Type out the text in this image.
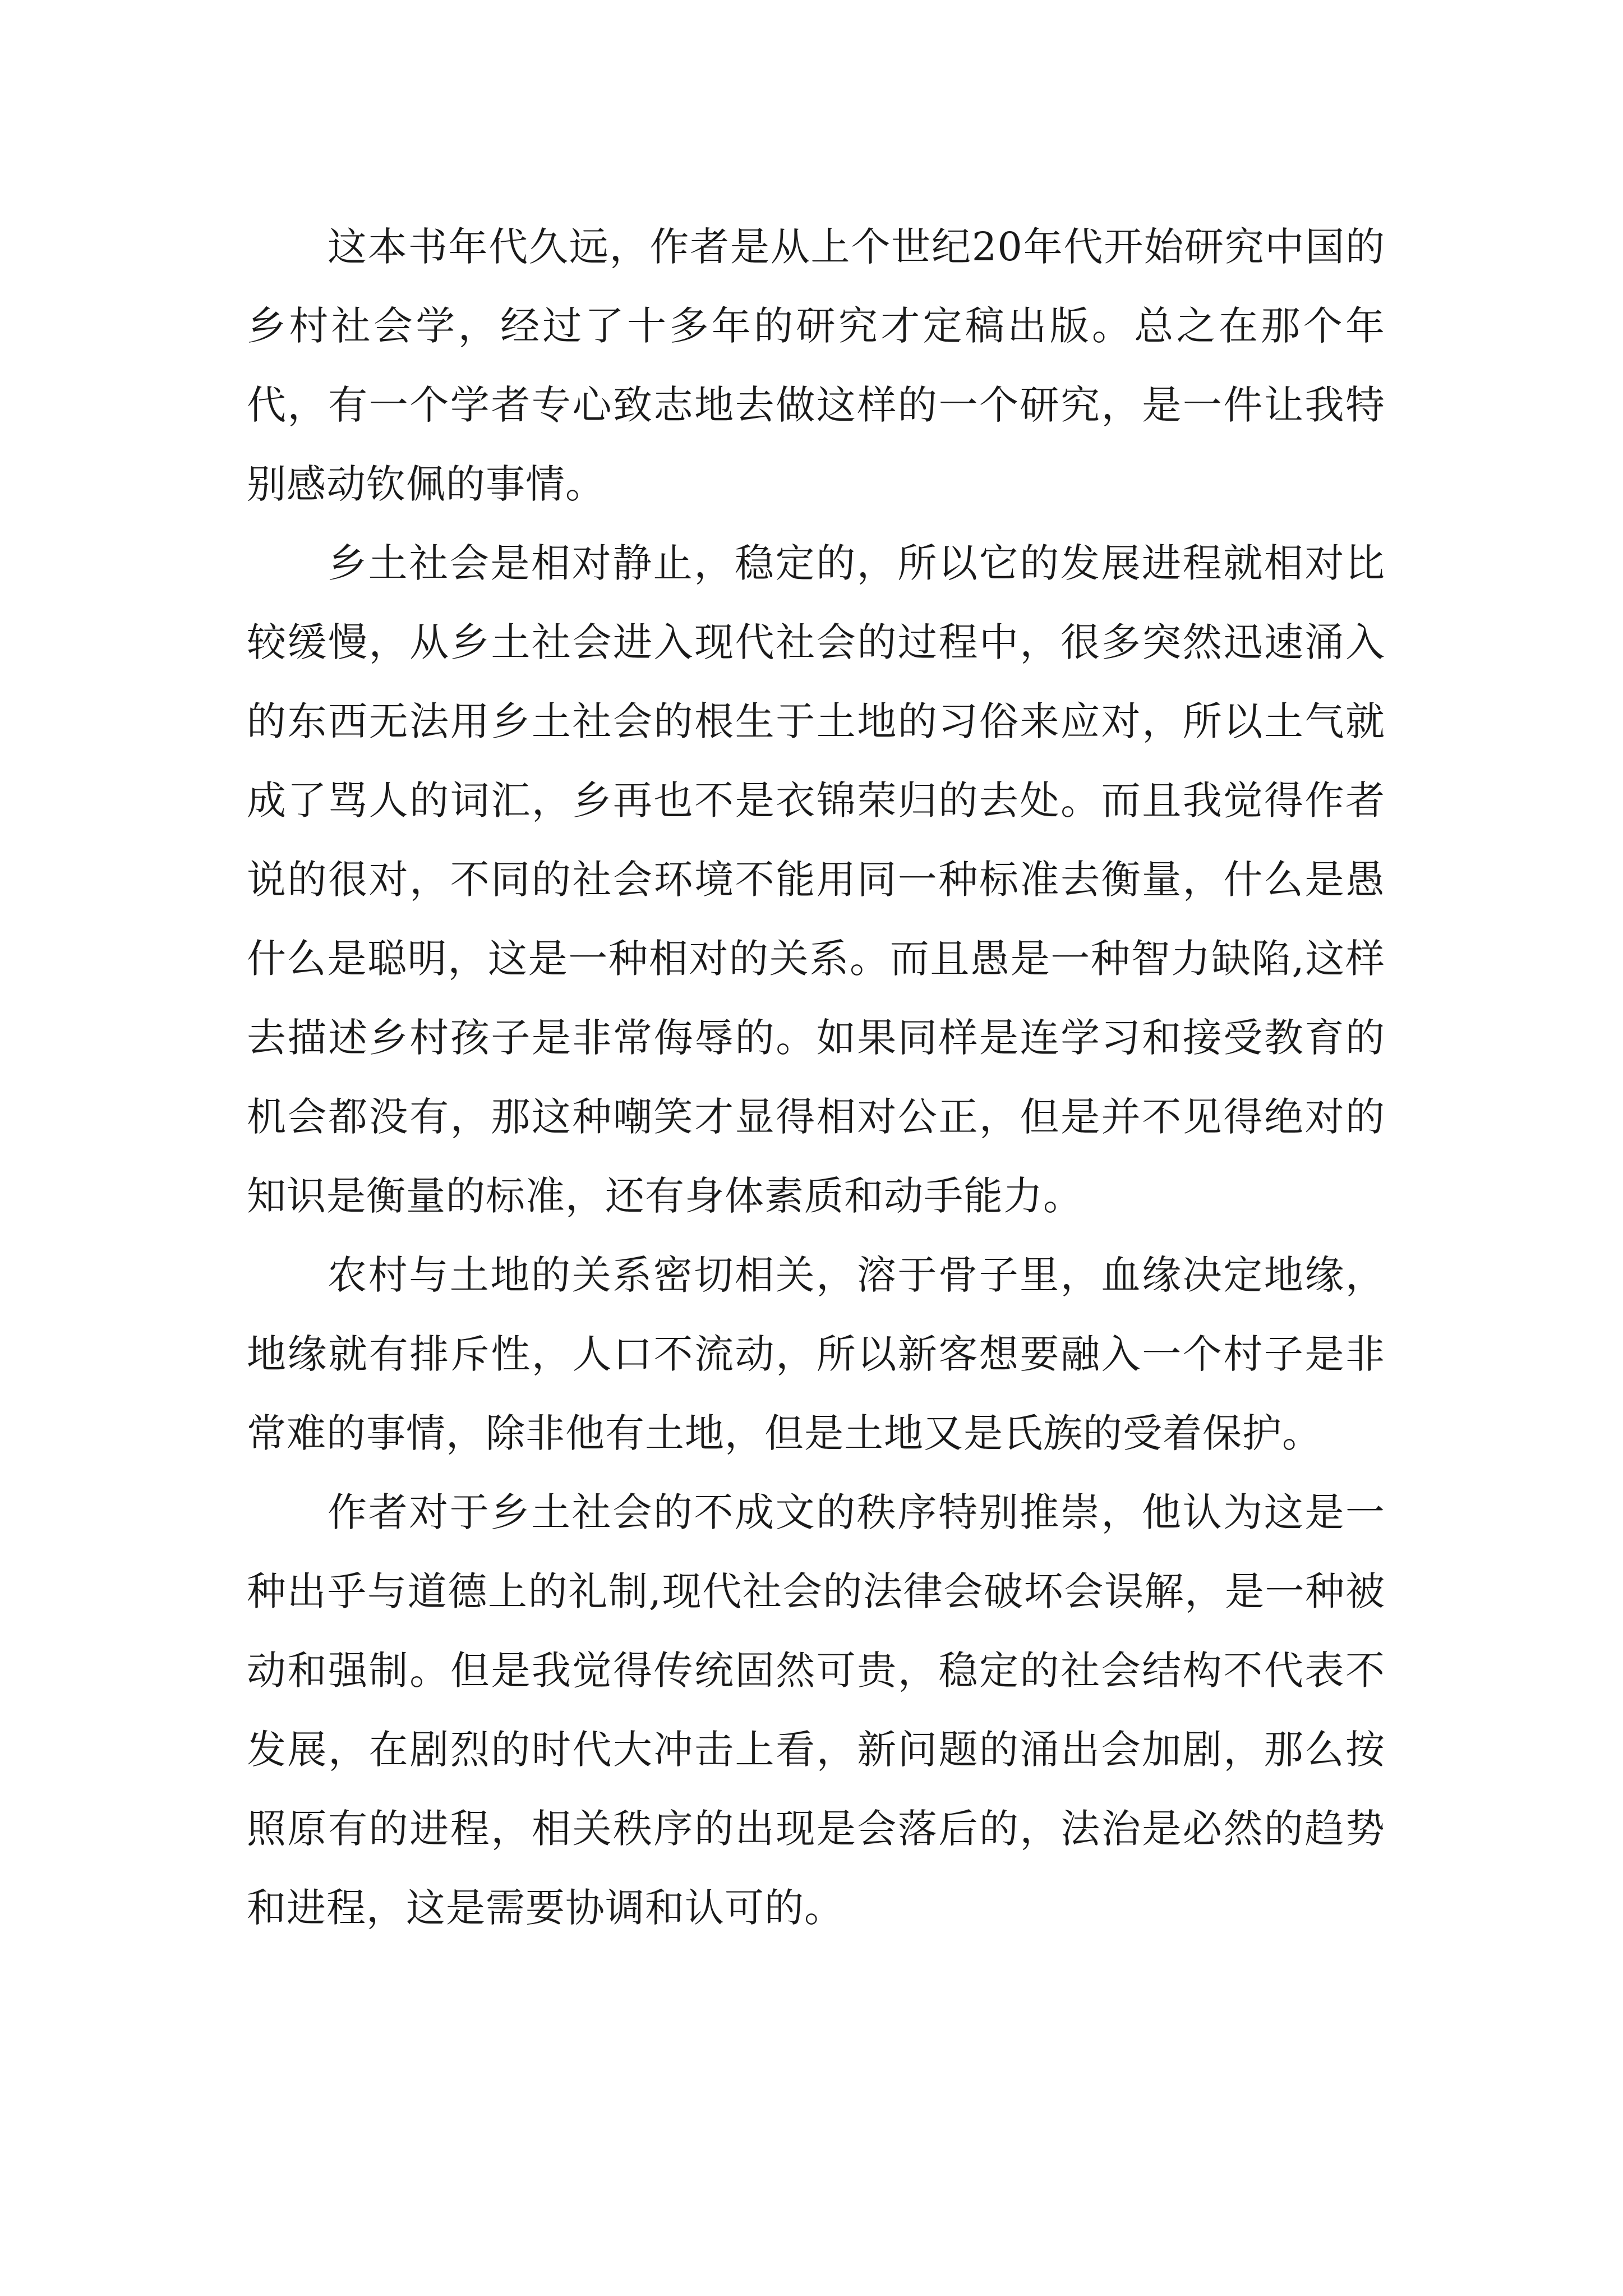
这本书年代久远，作者是从上个世纪20年代开始研究中国的乡村社会学，经过了十多年的研究才定稿出版。总之在那个年代，有一个学者专心致志地去做这样的一个研究，是一件让我特别感动钦佩的事情。

乡土社会是相对静止，稳定的，所以它的发展进程就相对比较缓慢，从乡土社会进入现代社会的过程中，很多突然迅速涌入的东西无法用乡土社会的根生于土地的习俗来应对，所以土气就成了骂人的词汇，乡再也不是衣锦荣归的去处。而且我觉得作者说的很对，不同的社会环境不能用同一种标准去衡量，什么是愚什么是聪明，这是一种相对的关系。而且愚是一种智力缺陷,这样去描述乡村孩子是非常侮辱的。如果同样是连学习和接受教育的机会都没有，那这种嘲笑才显得相对公正，但是并不见得绝对的知识是衡量的标准，还有身体素质和动手能力。

农村与土地的关系密切相关，溶于骨子里，血缘决定地缘，地缘就有排斥性，人口不流动，所以新客想要融入一个村子是非常难的事情，除非他有土地，但是土地又是氏族的受着保护。

作者对于乡土社会的不成文的秩序特别推崇，他认为这是一种出乎与道德上的礼制,现代社会的法律会破坏会误解，是一种被动和强制。但是我觉得传统固然可贵，稳定的社会结构不代表不发展，在剧烈的时代大冲击上看，新问题的涌出会加剧，那么按照原有的进程，相关秩序的出现是会落后的，法治是必然的趋势和进程，这是需要协调和认可的。
